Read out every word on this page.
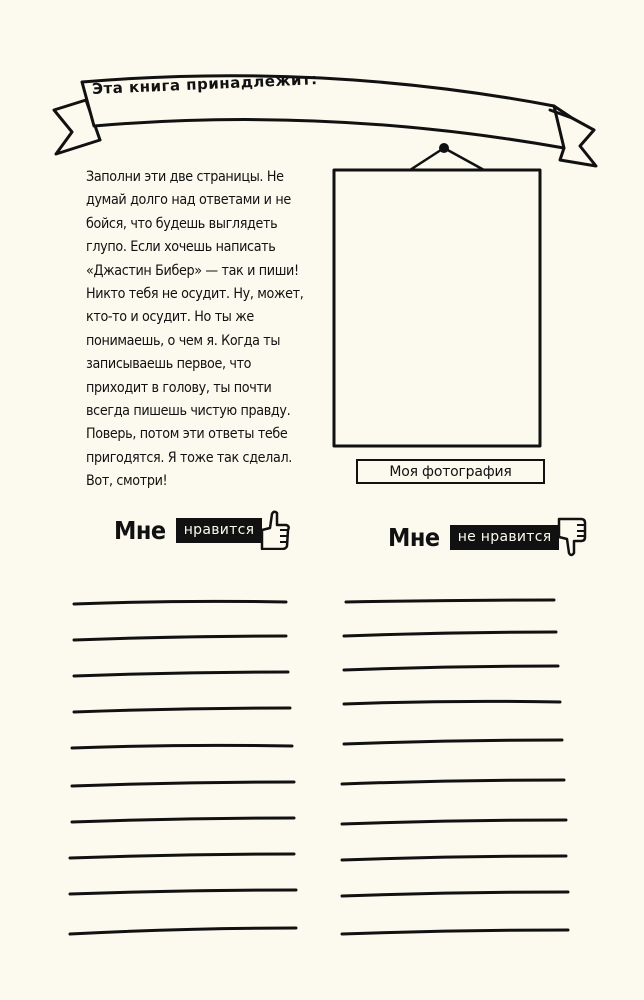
Эта книга принадлежит:

Заполни эти две страницы. Не думай долго над ответами и не бойся, что будешь выглядеть глупо. Если хочешь написать «Джастин Бибер» — так и пиши! Никто тебя не осудит. Ну, может, кто-то и осудит. Но ты же понимаешь, о чем я. Когда ты записываешь первое, что приходит в голову, ты почти всегда пишешь чистую правду. Поверь, потом эти ответы тебе пригодятся. Я тоже так сделал. Вот, смотри!

Моя фотография
Мне	нравится	Мне	не нравится
